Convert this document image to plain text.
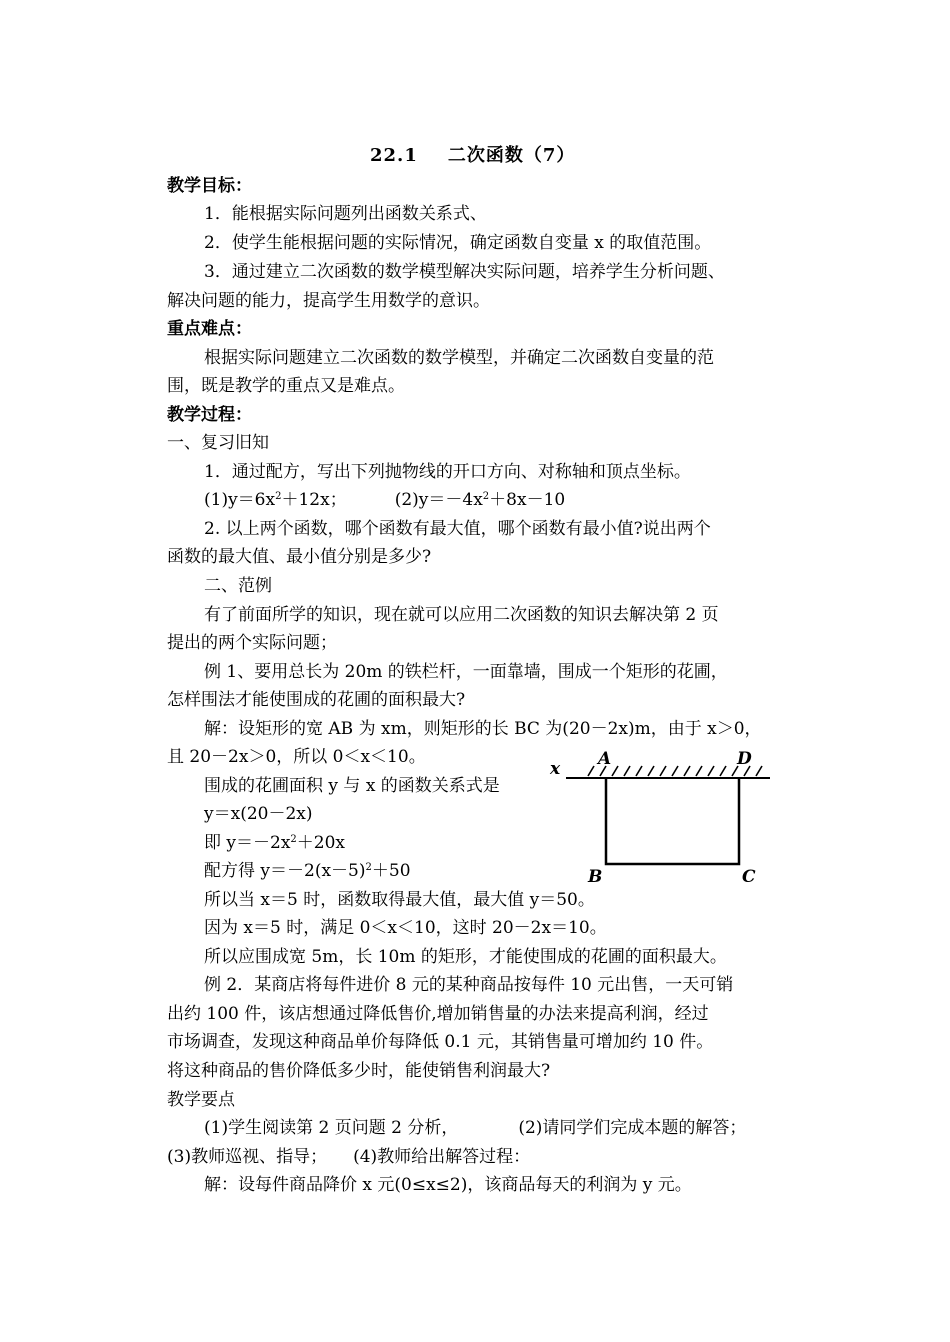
22.1 二次函数（7）
教学目标：
1．能根据实际问题列出函数关系式、
2．使学生能根据问题的实际情况，确定函数自变量 x 的取值范围。
3．通过建立二次函数的数学模型解决实际问题，培养学生分析问题、
解决问题的能力，提高学生用数学的意识。
重点难点：
根据实际问题建立二次函数的数学模型，并确定二次函数自变量的范
围，既是教学的重点又是难点。
教学过程：
一、复习旧知
1．通过配方，写出下列抛物线的开口方向、对称轴和顶点坐标。
$(1)y=6x^2+12x$；	$(2)y=-4x^2+8x-10$
2. 以上两个函数，哪个函数有最大值，哪个函数有最小值?说出两个
函数的最大值、最小值分别是多少?
二、范例
有了前面所学的知识，现在就可以应用二次函数的知识去解决第 2 页
提出的两个实际问题；
例 1、要用总长为 20m 的铁栏杆，一面靠墙，围成一个矩形的花圃，
怎样围法才能使围成的花圃的面积最大?
解：设矩形的宽 AB 为 xm，则矩形的长 BC 为(20－2x)m，由于 x＞0，
且 20－2x＞0，所以 0＜x＜10。
围成的花圃面积 y 与 x 的函数关系式是
y＝x(20－2x)
即 $y=-2x^2+20x$
配方得 $y=-2(x-5)^2+50$
所以当 x＝5 时，函数取得最大值，最大值 y＝50。
因为 x＝5 时，满足 0＜x＜10，这时 20－2x＝10。
所以应围成宽 5m，长 10m 的矩形，才能使围成的花圃的面积最大。
例 2．某商店将每件进价 8 元的某种商品按每件 10 元出售，一天可销
出约 100 件，该店想通过降低售价,增加销售量的办法来提高利润，经过
市场调查，发现这种商品单价每降低 0.1 元，其销售量可增加约 10 件。
将这种商品的售价降低多少时，能使销售利润最大?
教学要点
(1)学生阅读第 2 页问题 2 分析，	(2)请同学们完成本题的解答；
(3)教师巡视、指导； (4)教师给出解答过程：
解：设每件商品降价 x 元(0≤x≤2)，该商品每天的利润为 y 元。
x A	D
B	C
